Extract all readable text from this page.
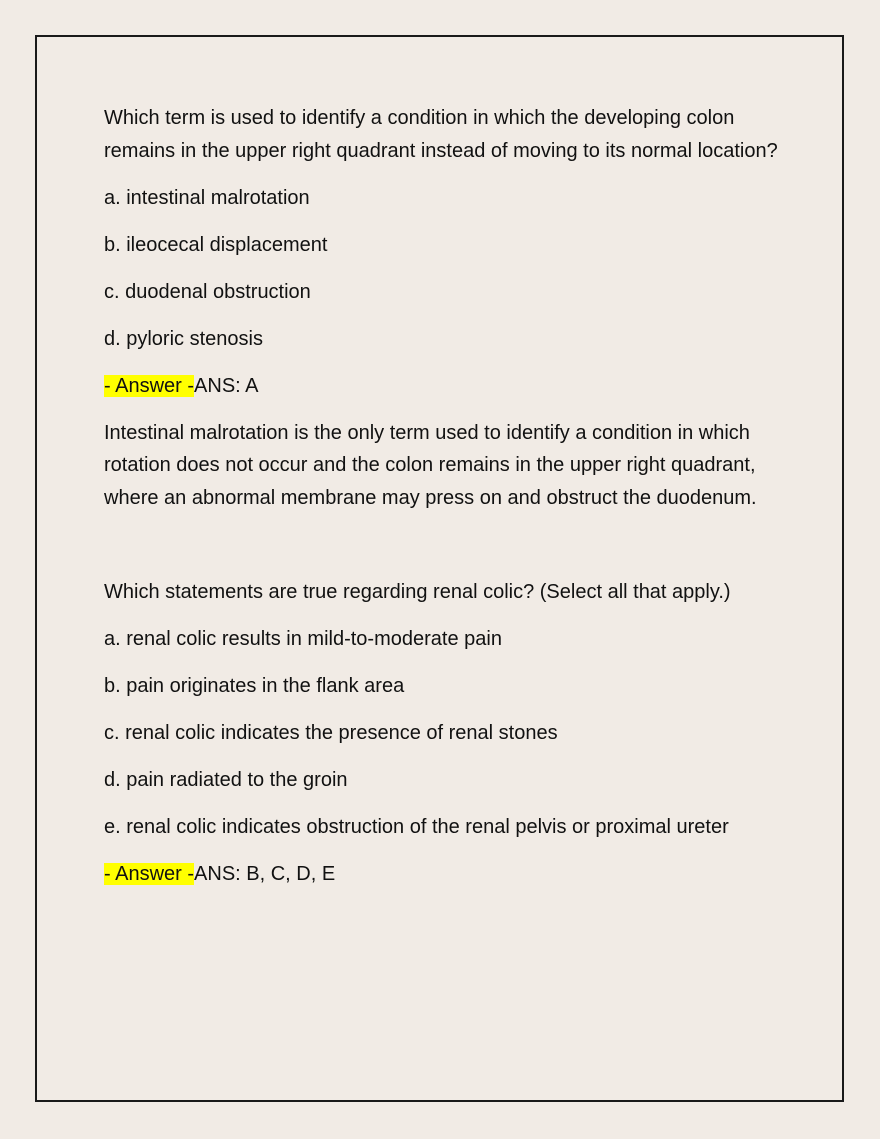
Which term is used to identify a condition in which the developing colon remains in the upper right quadrant instead of moving to its normal location?

a. intestinal malrotation

b. ileocecal displacement

c. duodenal obstruction

d. pyloric stenosis

- Answer -ANS: A

Intestinal malrotation is the only term used to identify a condition in which rotation does not occur and the colon remains in the upper right quadrant, where an abnormal membrane may press on and obstruct the duodenum.

Which statements are true regarding renal colic? (Select all that apply.)

a. renal colic results in mild-to-moderate pain

b. pain originates in the flank area

c. renal colic indicates the presence of renal stones

d. pain radiated to the groin

e. renal colic indicates obstruction of the renal pelvis or proximal ureter

- Answer -ANS: B, C, D, E
